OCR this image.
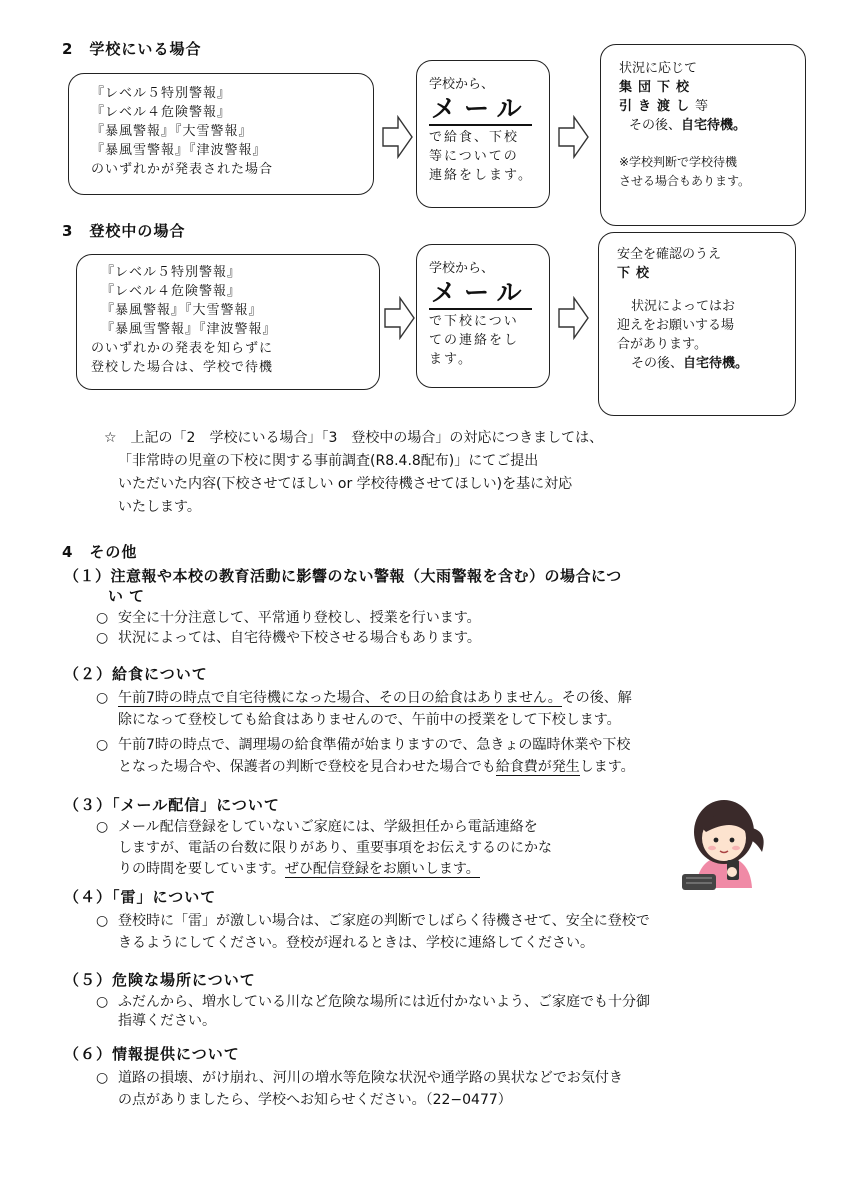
2　学校にいる場合

『レベル５特別警報』

『レベル４危険警報』

『暴風警報』『大雪警報』

『暴風雪警報』『津波警報』

のいずれかが発表された場合

学校から、

メール

で給食、下校

等についての

連絡をします。

状況に応じて

集団下校

引き渡し等

その後、自宅待機。

※学校判断で学校待機

させる場合もあります。

3　登校中の場合

『レベル５特別警報』

『レベル４危険警報』

『暴風警報』『大雪警報』

『暴風雪警報』『津波警報』

のいずれかの発表を知らずに

登校した場合は、学校で待機

学校から、

メール

で下校につい

ての連絡をし

ます。

安全を確認のうえ

下校

状況によってはお

迎えをお願いする場

合があります。

その後、自宅待機。

☆　上記の「2　学校にいる場合」「3　登校中の場合」の対応につきましては、
「非常時の児童の下校に関する事前調査(R8.4.8配布)」にてご提出
いただいた内容(下校させてほしい or 学校待機させてほしい)を基に対応
いたします。
4　その他
（１）注意報や本校の教育活動に影響のない警報（大雨警報を含む）の場合につ
いて
○ 安全に十分注意して、平常通り登校し、授業を行います。
○ 状況によっては、自宅待機や下校させる場合もあります。
（２）給食について
○ 午前7時の時点で自宅待機になった場合、その日の給食はありません。その後、解
除になって登校しても給食はありませんので、午前中の授業をして下校します。
○ 午前7時の時点で、調理場の給食準備が始まりますので、急きょの臨時休業や下校
となった場合や、保護者の判断で登校を見合わせた場合でも給食費が発生します。
（３）「メール配信」について
○ メール配信登録をしていないご家庭には、学級担任から電話連絡を
しますが、電話の台数に限りがあり、重要事項をお伝えするのにかな
りの時間を要しています。ぜひ配信登録をお願いします。
（４）「雷」について
○ 登校時に「雷」が激しい場合は、ご家庭の判断でしばらく待機させて、安全に登校で
きるようにしてください。登校が遅れるときは、学校に連絡してください。
（５）危険な場所について
○ ふだんから、増水している川など危険な場所には近付かないよう、ご家庭でも十分御
指導ください。
（６）情報提供について
○ 道路の損壊、がけ崩れ、河川の増水等危険な状況や通学路の異状などでお気付き
の点がありましたら、学校へお知らせください。（22−0477）
